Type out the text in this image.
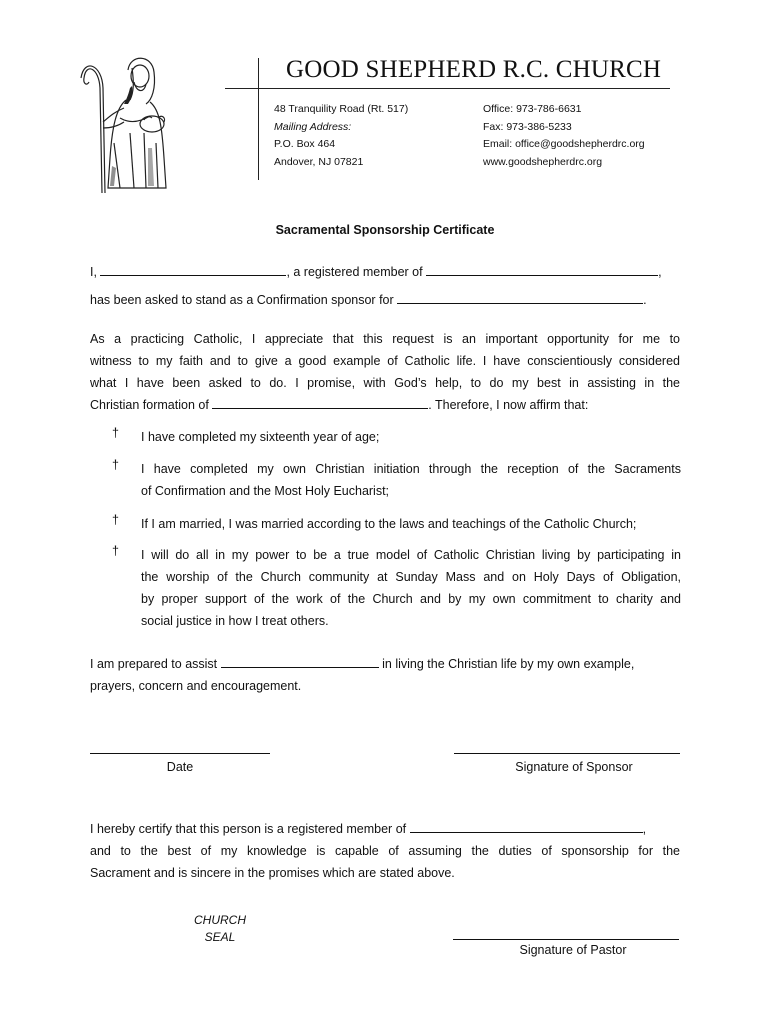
GOOD SHEPHERD R.C. CHURCH
48 Tranquility Road (Rt. 517)
Mailing Address:
P.O. Box 464
Andover, NJ 07821
Office: 973-786-6631
Fax: 973-386-5233
Email: office@goodshepherdrc.org
www.goodshepherdrc.org
Sacramental Sponsorship Certificate
I,	, a registered member of	,
has been asked to stand as a Confirmation sponsor for	.
As a practicing Catholic, I appreciate that this request is an important opportunity for me to
witness to my faith and to give a good example of Catholic life. I have conscientiously considered
what I have been asked to do. I promise, with God’s help, to do my best in assisting in the
Christian formation of	. Therefore, I now affirm that:
† I have completed my sixteenth year of age;
† I have completed my own Christian initiation through the reception of the Sacraments
of Confirmation and the Most Holy Eucharist;
† If I am married, I was married according to the laws and teachings of the Catholic Church;
† I will do all in my power to be a true model of Catholic Christian living by participating in
the worship of the Church community at Sunday Mass and on Holy Days of Obligation,
by proper support of the work of the Church and by my own commitment to charity and
social justice in how I treat others.
I am prepared to assist	in living the Christian life by my own example,
prayers, concern and encouragement.
Date	Signature of Sponsor
I hereby certify that this person is a registered member of	,
and to the best of my knowledge is capable of assuming the duties of sponsorship for the
Sacrament and is sincere in the promises which are stated above.
CHURCH
SEAL
Signature of Pastor
